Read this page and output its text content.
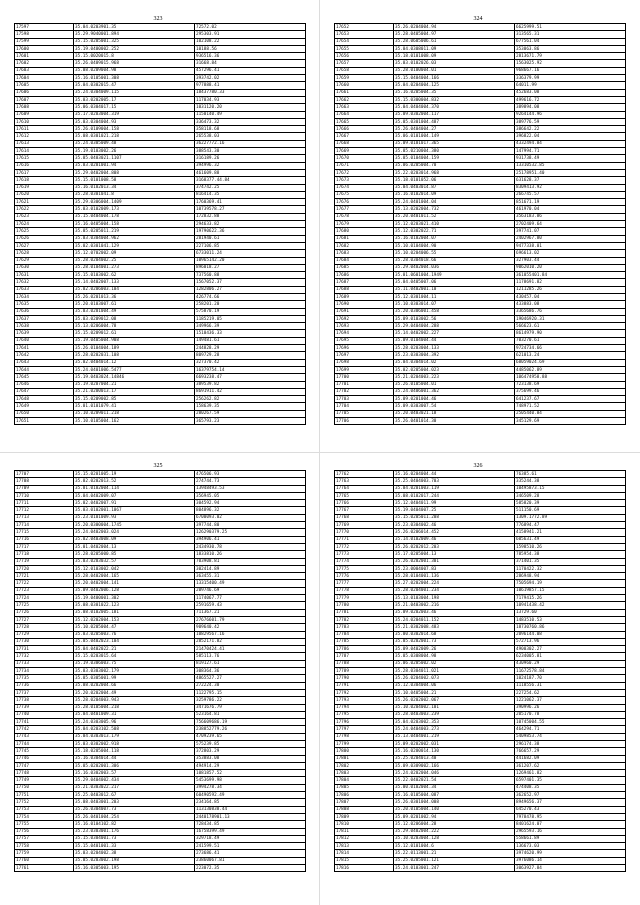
323
17597	35.04.0203901.35	72572.02
17598	35.29.9040001.894	295303.91
17599	35.15.0205001.325	102108.22
17600	35.19.0400002.252	10188.56
17601	35.15.0020015.8	936516.36
17602	35.26.0409015.968	31668.84
17603	35.08.0209004.98	457296.41
17604	35.16.0105001.308	393742.02
17605	35.04.0302015.47	977888.41
17606	35.24.0304009.115	18437780.33
17607	35.03.0202005.17	117034.93
17608	35.06.0304017.15	1031120.20
17609	35.17.0203004.319	1150140.49
17610	35.03.0304004.93	336473.32
17611	35.26.0109004.158	358118.68
17612	35.08.0301021.218	265538.03
17613	35.24.0305009.48	36227772.16
17614	35.19.0103002.26	388543.30
17615	35.05.0403021.1107	316189.26
17616	35.03.0201001.94	394996.32
17617	35.29.0402004.808	461609.88
17618	35.15.0101008.58	3168377.44.84
17619	35.16.0102013.34	374742.25
17620	35.28.0301041.8	816414.35
17621	35.29.0306004.1409	1760369.41
17622	35.03.0102009.173	10739578.27
17623	35.15.0404004.178	172832.88
17624	35.16.0405004.158	294633.82
17625	35.05.0205011.219	19790622.36
17626	35.03.0304004.962	281940.61
17627	35.02.0301041.129	227106.85
17628	35.12.0702002.09	6733011.24
17629	35.28.0204002.25	10965142.20
17630	35.28.0104001.273	896018.27
17631	35.15.0103002.62	737560.88
17632	35.14.0402007.133	1567052.37
17633	35.02.0206003.104	1282806.27
17634	35.26.0201013.36	426774.66
17635	35.20.0103007.61	258201.20
17636	35.03.0201004.49	575870.19
17637	35.03.0209012.08	1185219.05
17638	35.13.0206004.78	349966.39
17639	35.15.0209012.61	1510436.33
17640	35.19.0405004.908	149481.61
17641	35.26.0104004.189	244828.29
17642	35.28.0202031.108	809729.28
17643	35.02.0404014.12	327370.42
17644	35.24.0401006.5477	16379754.14
17645	35.19.0403024.14846	6693238.47
17646	35.19.0207004.21	389539.82
17647	35.21.0200013.17	8691911.42
17648	35.15.0209002.85	256262.82
17649	35.01.0101079.41	158639.35
17650	35.10.0209011.218	280267.59
17651	35.10.0105004.162	365793.23
324
17652	35.26.0204004.94	6625999.51
17653	35.28.0405004.97	313565.31
17654	35.28.0605006.61	677561.04
17655	35.04.0308011.09	353063.86
17656	35.18.0101008.09	2813671.79
17657	35.03.0102026.03	1563025.92
17658	35.28.0100004.01	968667.16
17659	35.15.0404004.166	336379.99
17660	35.04.0204004.125	64011.99
17661	35.16.0205004.35	452683.08
17662	35.15.0300004.832	499616.72
17663	35.04.0404004.370	389894.08
17664	35.09.0302004.117	9264144.96
17665	35.05.0301004.487	389776.59
17666	35.26.0404004.27	386642.22
17667	35.06.0101004.149	396822.04
17668	35.09.0101017.365	4332494.84
17669	35.05.0210004.380	147994.71
17670	35.05.0104004.159	931738.49
17671	35.06.0205004.70	13310532.85
17672	35.22.0203014.968	25178951.40
17673	35.18.0101052.06	631628.37
17674	35.04.0403014.87	8309413.92
17675	35.16.0102014.09	266745.57
17676	35.24.0401004.04	851671.19
17677	35.13.0202004.732	461970.04
17678	35.20.0401011.52	3563183.86
17679	35.12.0203021.410	2702409.64
17680	35.12.0302022.71	397741.07
17681	35.16.0102004.07	2402967.80
17682	35.10.0104004.90	9477338.01
17683	35.10.0204006.55	696613.02
17684	35.28.0304018.66	327903.44
17685	35.29.0402004.036	9062010.20
17686	35.01.0601004.1949	361055401.84
17687	35.04.0405007.06	1178691.82
17688	35.11.0402001.10	1211285.26
17689	35.12.0301004.11	430457.04
17690	35.10.0303014.07	433883.08
17691	35.20.0306001.458	3365686.76
17692	35.09.0103002.56	19046920.31
17693	35.29.0404004.288	566623.61
17694	35.14.0402002.227	8614979.90
17695	35.09.0104004.44	703270.61
17696	35.28.0203004.133	9724734.66
17697	35.23.0303004.392	621013.24
17698	35.04.0304014.02	68059024.69
17699	35.02.0205004.023	4485062.89
17700	35.21.0204003.223	106474958.88
17701	35.26.0105004.01	723138.69
17702	35.24.0406001.362	375699.46
17703	35.09.0201004.46	641237.67
17704	35.09.0303007.54	748971.52
17705	35.20.0403021.18	2505440.84
17706	35.26.0401014.30	345129.69
325
17707	35.15.0201005.19	476506.93
17708	35.02.0202013.52	274744.73
17709	35.01.0102004.114	13948493.53
17710	35.04.0402009.07	356945.05
17711	35.02.0402007.91	304592.94
17712	35.03.0102001.1067	804896.32
17713	35.23.0101009.93	6700093.02
17714	35.20.0300004.1745	397744.80
17715	35.24.0402003.024	126290379.25
17716	35.02.0403008.09	394906.41
17717	35.01.0402004.13	2434930.78
17718	35.28.0205000.85	1833810.26
17719	35.03.0203032.57	703908.81
17720	35.12.0103002.042	302414.89
17721	35.28.0402004.165	363455.31
17722	35.20.0402004.141	13315400.49
17723	35.09.0402006.128	209746.69
17724	35.19.0400001.302	1174067.77
17725	35.08.0301022.123	2591659.43
17726	35.08.0102005.181	711367.21
17727	35.12.0202004.153	27676601.79
17728	35.10.0205004.47	909640.42
17729	35.03.0205003.76	10829567.16
17730	35.05.0402023.104	2852171.82
17731	35.04.0402022.21	21470424.41
17732	35.15.0203015.64	585113.76
17733	35.19.0306003.75	819127.61
17734	35.03.0303002.179	308364.36
17735	35.05.0305001.99	4865527.27
17736	35.08.0202004.66	272224.30
17737	35.20.0202004.49	1122795.15
17738	35.28.0204003.943	3259786.22
17739	35.28.0105004.218	3471676.79
17740	35.04.0401009.31	523164.81
17741	35.24.0303005.96	756609686.19
17742	35.04.0203102.508	238852779.26
17743	35.04.0303013.179	4709239.65
17744	35.03.0302002.918	575239.85
17745	35.18.0205004.118	372803.29
17746	35.16.0304014.44	353883.08
17747	35.05.0202001.306	494914.29
17748	35.16.0302003.57	1081857.52
17749	35.29.0404002.434	5453699.98
17750	35.21.0303022.217	3994278.34
17751	35.25.0403012.67	60490592.49
17752	35.08.0403001.203	234164.85
17753	35.26.0304007.73	113130838.44
17754	35.26.0401004.254	2440178901.13
17755	35.16.0104102.82	728434.85
17756	35.23.0303001.176	16758399.49
17757	35.15.0304001.73	329718.49
17758	35.15.0401001.33	241599.51
17759	35.03.0204002.38	273686.41
17760	35.05.0203002.198	23860067.81
17761	35.16.0305003.195	223072.35
326
17762	35.16.0204004.44	76385.61
17763	35.25.0404003.703	335244.38
17764	35.04.0201003.119	10495873.15
17765	35.08.0102017.244	346509.28
17766	35.12.0404011.99	585820.39
17767	35.19.0404007.25	511150.69
17768	35.15.0205011.208	1309.1772.89
17769	35.23.0304002.46	776894.47
17770	35.26.0206014.452	4158941.21
17771	35.14.0102009.46	605631.49
17772	35.26.0202012.203	1598510.26
17773	35.17.0205004.13	785954.38
17774	35.26.0202001.301	371401.35
17775	35.23.0004007.83	1170422.32
17776	35.28.0104001.136	286948.94
17777	35.27.0202004.224	7505694.19
17778	35.28.0204001.234	10619857.15
17779	35.13.0103004.198	7179415.26
17780	35.21.0403002.216	10941438.42
17781	35.09.0202003.46	13729.60
17782	35.24.0204011.152	1483510.53
17783	35.21.0302008.483	18730760.86
17784	35.00.0302014.68	2096144.08
17785	35.05.0202001.73	572713.96
17786	35.09.0402009.26	4900302.27
17787	35.05.0308004.98	6234005.81
17788	35.06.0205002.02	430960.29
17789	35.28.0304011.021	11672578.84
17790	35.26.0204002.073	1024187.70
17791	35.12.0304004.06	1118556.31
17792	35.10.0405004.21	227254.62
17793	35.26.0202002.067	1221062.37
17794	35.10.0204002.101	390996.26
17795	35.28.0403003.239	205170.78
17796	35.04.0203002.353	10745004.55
17797	35.24.0404003.273	464294.71
17798	35.13.0404001.219	5409853.74
17799	35.09.0202002.031	296174.38
17800	35.16.0200014.130	766657.29
17801	35.25.0204013.40	441682.09
17802	35.09.0309002.166	361207.62
17803	35.24.0202004.046	1269461.82
17804	35.22.0402021.54	6597401.35
17805	35.00.0102004.34	474408.35
17806	35.16.0105004.087	362652.97
17807	35.26.0301004.008	8949656.37
17808	35.20.0105004.140	645270.43
17809	35.09.0201002.94	7978478.95
17810	35.12.0206004.28	8401624.07
17811	35.29.0402004.222	2965593.16
17812	35.10.0203004.128	558661.89
17813	35.12.0101004.6	136673.03
17814	35.22.0113001.21	3974620.99
17815	35.25.0205001.121	3976086.14
17816	35.24.0103001.247	3063927.84
